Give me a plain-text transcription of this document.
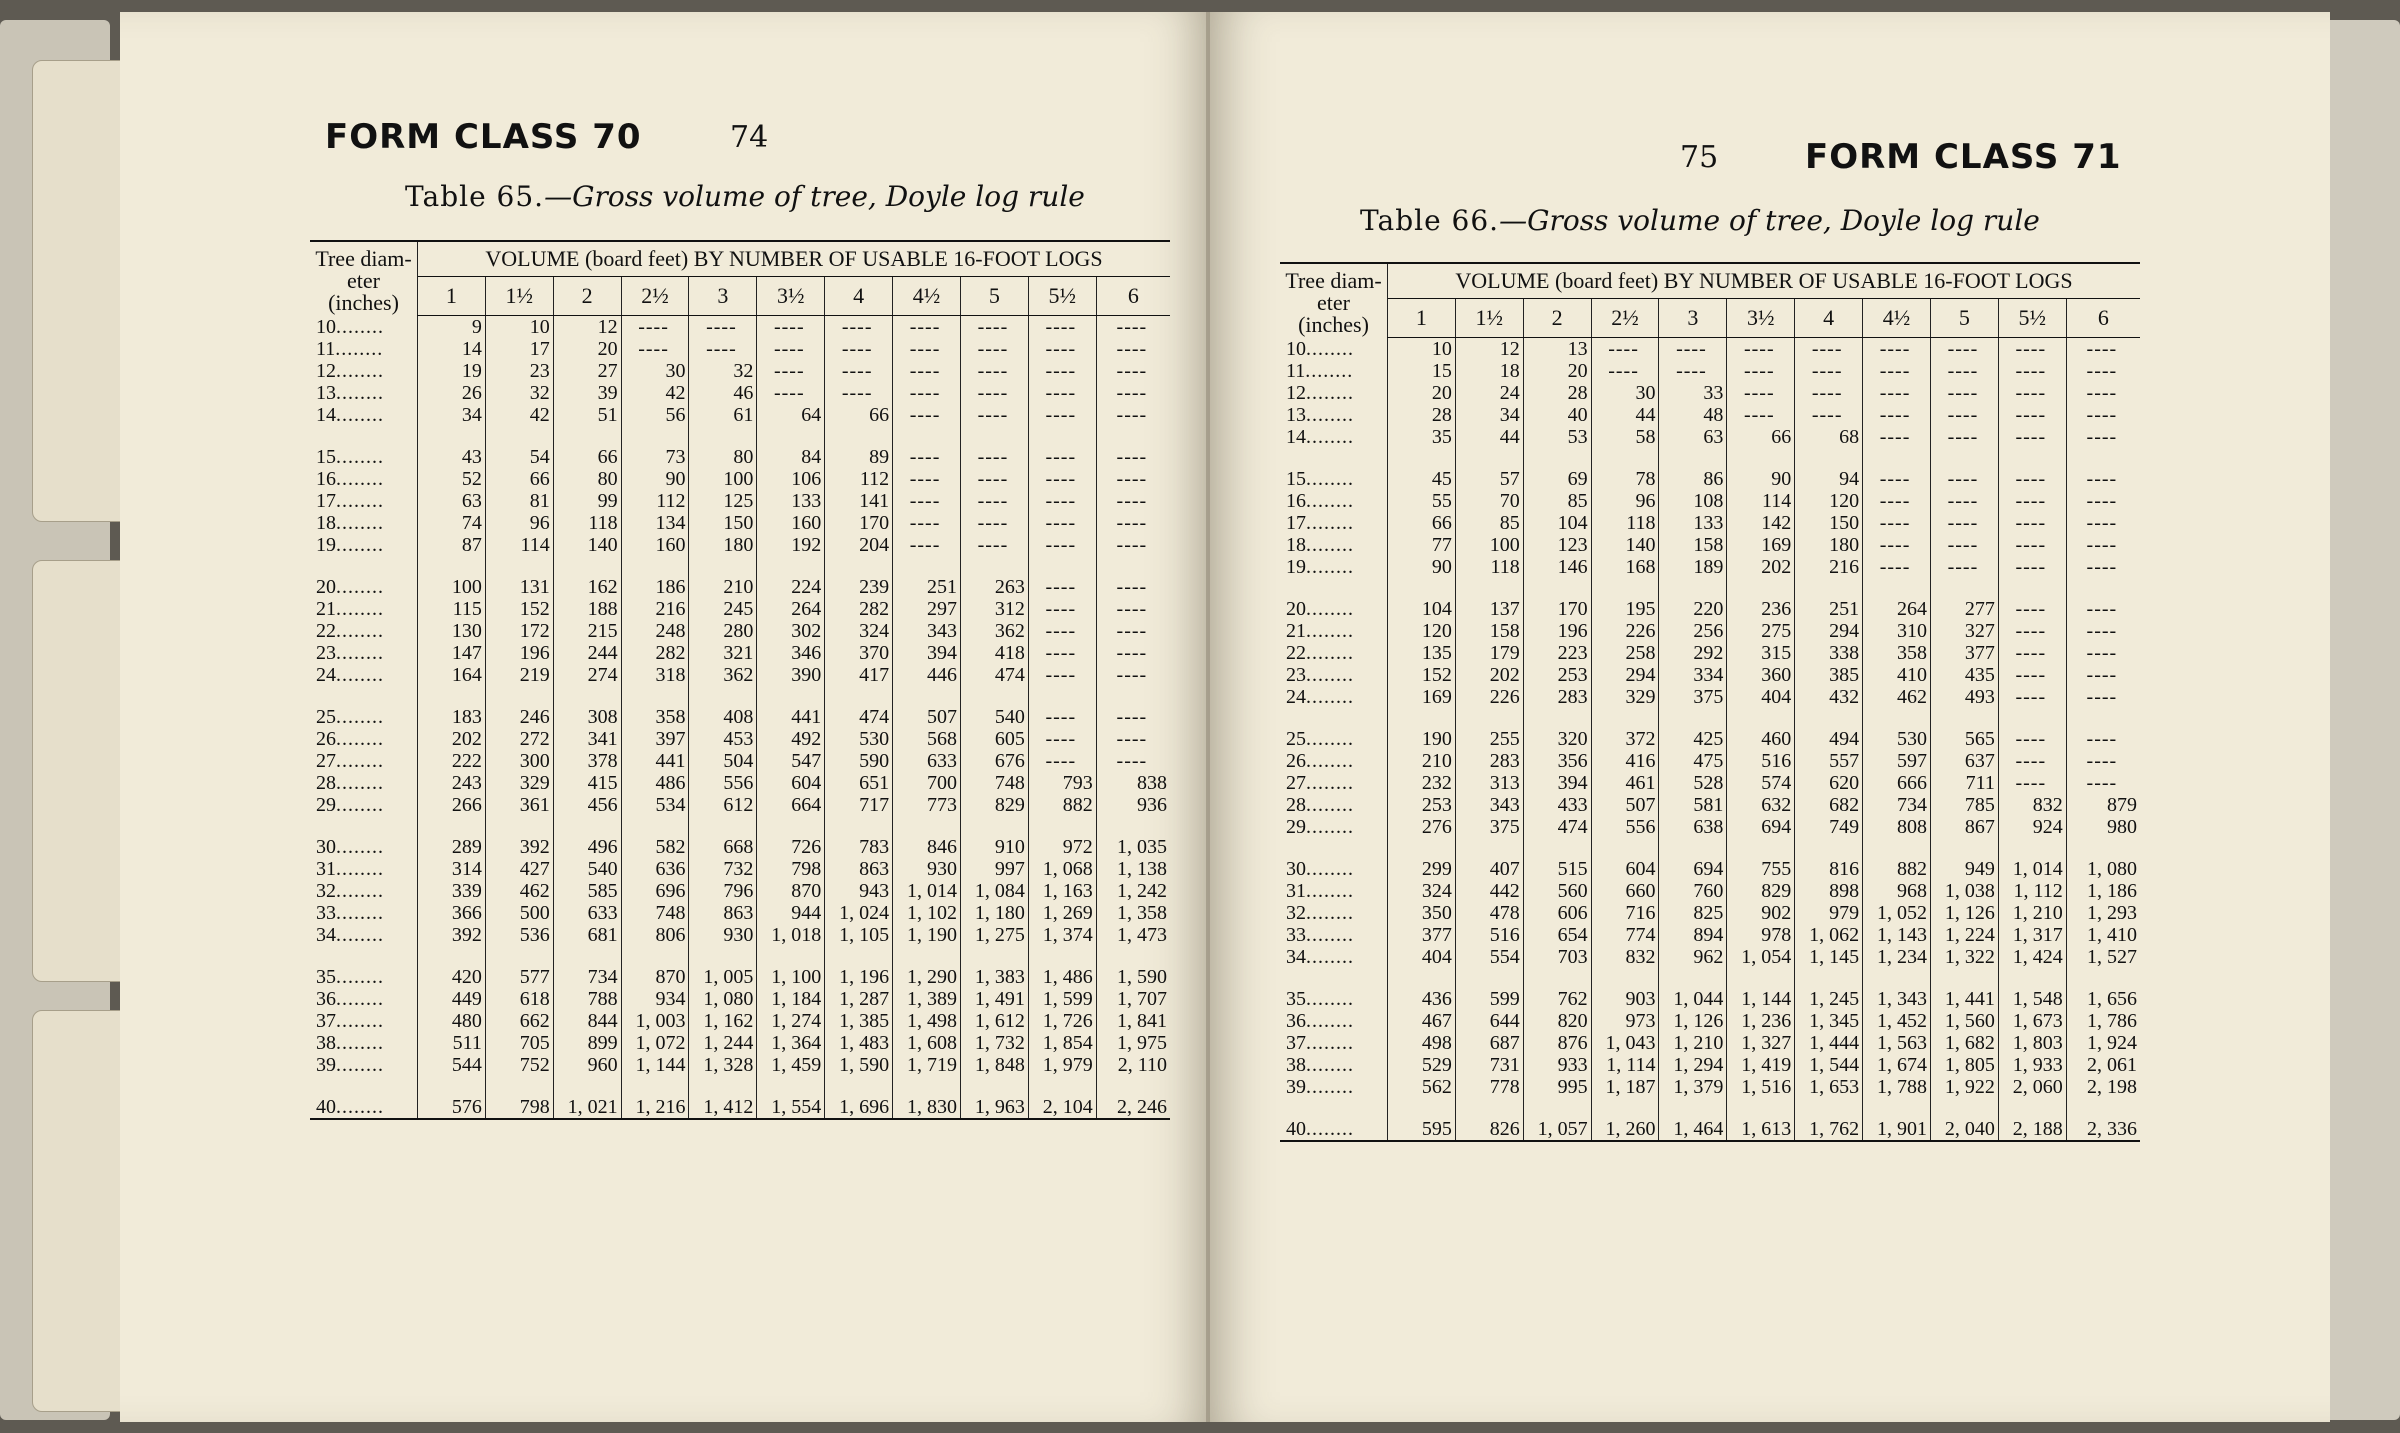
FORM CLASS 70	74
Table 65.—Gross volume of tree, Doyle log rule
Tree diam- eter (inches)	VOLUME (board feet) BY NUMBER OF USABLE 16-FOOT LOGS										
	1	1½	2	2½	3	3½	4	4½	5	5½	6
10........	9	10	12	----	----	----	----	----	----	----	----
11........	14	17	20	----	----	----	----	----	----	----	----
12........	19	23	27	30	32	----	----	----	----	----	----
13........	26	32	39	42	46	----	----	----	----	----	----
14........	34	42	51	56	61	64	66	----	----	----	----

15........	43	54	66	73	80	84	89	----	----	----	----
16........	52	66	80	90	100	106	112	----	----	----	----
17........	63	81	99	112	125	133	141	----	----	----	----
18........	74	96	118	134	150	160	170	----	----	----	----
19........	87	114	140	160	180	192	204	----	----	----	----

20........	100	131	162	186	210	224	239	251	263	----	----
21........	115	152	188	216	245	264	282	297	312	----	----
22........	130	172	215	248	280	302	324	343	362	----	----
23........	147	196	244	282	321	346	370	394	418	----	----
24........	164	219	274	318	362	390	417	446	474	----	----

25........	183	246	308	358	408	441	474	507	540	----	----
26........	202	272	341	397	453	492	530	568	605	----	----
27........	222	300	378	441	504	547	590	633	676	----	----
28........	243	329	415	486	556	604	651	700	748	793	838
29........	266	361	456	534	612	664	717	773	829	882	936

30........	289	392	496	582	668	726	783	846	910	972	1, 035
31........	314	427	540	636	732	798	863	930	997	1, 068	1, 138
32........	339	462	585	696	796	870	943	1, 014	1, 084	1, 163	1, 242
33........	366	500	633	748	863	944	1, 024	1, 102	1, 180	1, 269	1, 358
34........	392	536	681	806	930	1, 018	1, 105	1, 190	1, 275	1, 374	1, 473

35........	420	577	734	870	1, 005	1, 100	1, 196	1, 290	1, 383	1, 486	1, 590
36........	449	618	788	934	1, 080	1, 184	1, 287	1, 389	1, 491	1, 599	1, 707
37........	480	662	844	1, 003	1, 162	1, 274	1, 385	1, 498	1, 612	1, 726	1, 841
38........	511	705	899	1, 072	1, 244	1, 364	1, 483	1, 608	1, 732	1, 854	1, 975
39........	544	752	960	1, 144	1, 328	1, 459	1, 590	1, 719	1, 848	1, 979	2, 110

40........	576	798	1, 021	1, 216	1, 412	1, 554	1, 696	1, 830	1, 963	2, 104	2, 246
75	FORM CLASS 71
Table 66.—Gross volume of tree, Doyle log rule
Tree diam- eter (inches)	VOLUME (board feet) BY NUMBER OF USABLE 16-FOOT LOGS										
	1	1½	2	2½	3	3½	4	4½	5	5½	6
10........	10	12	13	----	----	----	----	----	----	----	----
11........	15	18	20	----	----	----	----	----	----	----	----
12........	20	24	28	30	33	----	----	----	----	----	----
13........	28	34	40	44	48	----	----	----	----	----	----
14........	35	44	53	58	63	66	68	----	----	----	----

15........	45	57	69	78	86	90	94	----	----	----	----
16........	55	70	85	96	108	114	120	----	----	----	----
17........	66	85	104	118	133	142	150	----	----	----	----
18........	77	100	123	140	158	169	180	----	----	----	----
19........	90	118	146	168	189	202	216	----	----	----	----

20........	104	137	170	195	220	236	251	264	277	----	----
21........	120	158	196	226	256	275	294	310	327	----	----
22........	135	179	223	258	292	315	338	358	377	----	----
23........	152	202	253	294	334	360	385	410	435	----	----
24........	169	226	283	329	375	404	432	462	493	----	----

25........	190	255	320	372	425	460	494	530	565	----	----
26........	210	283	356	416	475	516	557	597	637	----	----
27........	232	313	394	461	528	574	620	666	711	----	----
28........	253	343	433	507	581	632	682	734	785	832	879
29........	276	375	474	556	638	694	749	808	867	924	980

30........	299	407	515	604	694	755	816	882	949	1, 014	1, 080
31........	324	442	560	660	760	829	898	968	1, 038	1, 112	1, 186
32........	350	478	606	716	825	902	979	1, 052	1, 126	1, 210	1, 293
33........	377	516	654	774	894	978	1, 062	1, 143	1, 224	1, 317	1, 410
34........	404	554	703	832	962	1, 054	1, 145	1, 234	1, 322	1, 424	1, 527

35........	436	599	762	903	1, 044	1, 144	1, 245	1, 343	1, 441	1, 548	1, 656
36........	467	644	820	973	1, 126	1, 236	1, 345	1, 452	1, 560	1, 673	1, 786
37........	498	687	876	1, 043	1, 210	1, 327	1, 444	1, 563	1, 682	1, 803	1, 924
38........	529	731	933	1, 114	1, 294	1, 419	1, 544	1, 674	1, 805	1, 933	2, 061
39........	562	778	995	1, 187	1, 379	1, 516	1, 653	1, 788	1, 922	2, 060	2, 198

40........	595	826	1, 057	1, 260	1, 464	1, 613	1, 762	1, 901	2, 040	2, 188	2, 336
